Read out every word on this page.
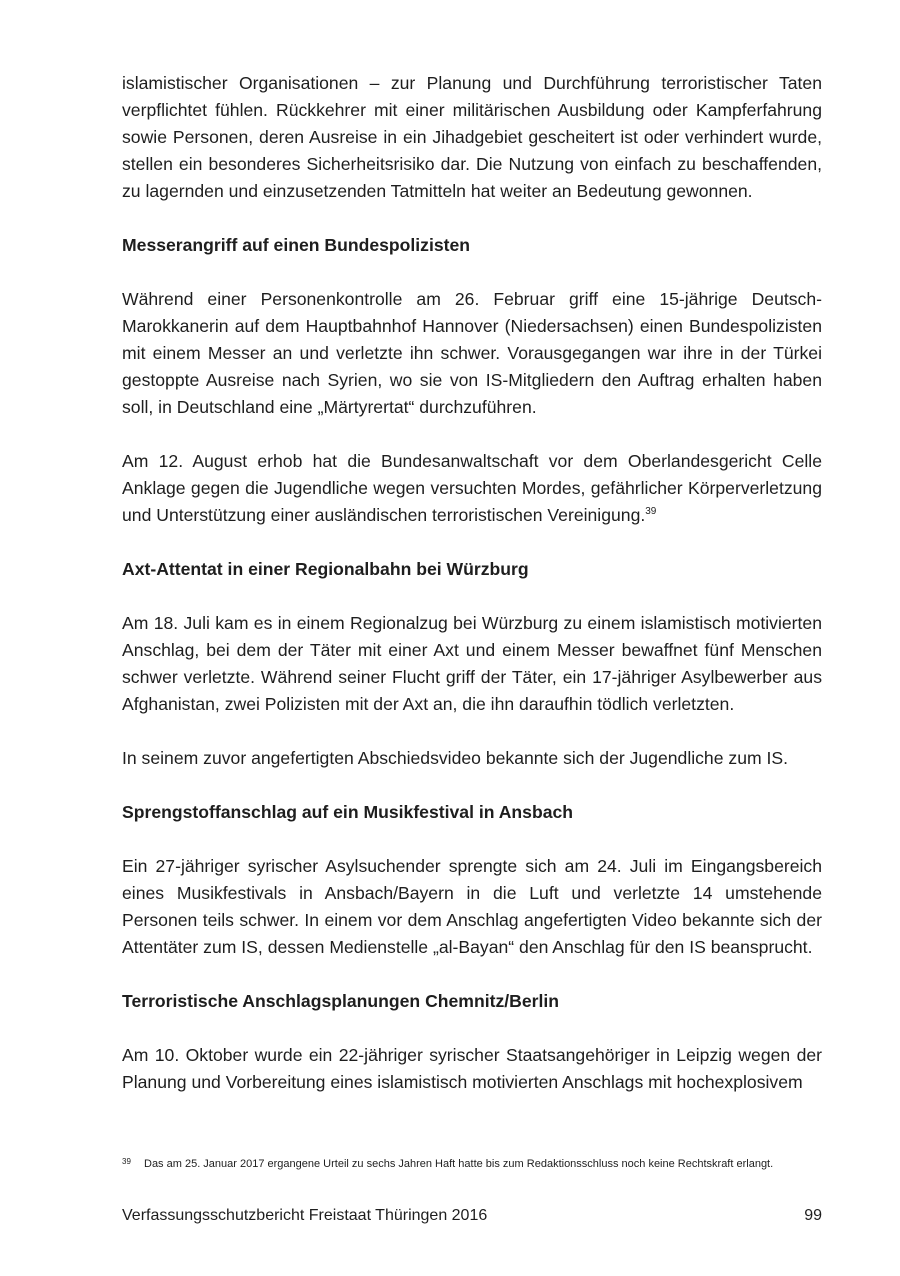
islamistischer Organisationen – zur Planung und Durchführung terroristischer Taten verpflichtet fühlen. Rückkehrer mit einer militärischen Ausbildung oder Kampferfahrung sowie Personen, deren Ausreise in ein Jihadgebiet gescheitert ist oder verhindert wurde, stellen ein besonderes Sicherheitsrisiko dar. Die Nutzung von einfach zu beschaffenden, zu lagernden und einzusetzenden Tatmitteln hat weiter an Bedeutung gewonnen.

Messerangriff auf einen Bundespolizisten

Während einer Personenkontrolle am 26. Februar griff eine 15-jährige Deutsch-Marokkanerin auf dem Hauptbahnhof Hannover (Niedersachsen) einen Bundespolizisten mit einem Messer an und verletzte ihn schwer. Vorausgegangen war ihre in der Türkei gestoppte Ausreise nach Syrien, wo sie von IS-Mitgliedern den Auftrag erhalten haben soll, in Deutschland eine „Märtyrertat“ durchzuführen.

Am 12. August erhob hat die Bundesanwaltschaft vor dem Oberlandesgericht Celle Anklage gegen die Jugendliche wegen versuchten Mordes, gefährlicher Körperverletzung und Unterstützung einer ausländischen terroristischen Vereinigung.$^{39}$

Axt-Attentat in einer Regionalbahn bei Würzburg

Am 18. Juli kam es in einem Regionalzug bei Würzburg zu einem islamistisch motivierten Anschlag, bei dem der Täter mit einer Axt und einem Messer bewaffnet fünf Menschen schwer verletzte. Während seiner Flucht griff der Täter, ein 17-jähriger Asylbewerber aus Afghanistan, zwei Polizisten mit der Axt an, die ihn daraufhin tödlich verletzten.

In seinem zuvor angefertigten Abschiedsvideo bekannte sich der Jugendliche zum IS.

Sprengstoffanschlag auf ein Musikfestival in Ansbach

Ein 27-jähriger syrischer Asylsuchender sprengte sich am 24. Juli im Eingangsbereich eines Musikfestivals in Ansbach/Bayern in die Luft und verletzte 14 umstehende Personen teils schwer. In einem vor dem Anschlag angefertigten Video bekannte sich der Attentäter zum IS, dessen Medienstelle „al-Bayan“ den Anschlag für den IS beansprucht.

Terroristische Anschlagsplanungen Chemnitz/Berlin

Am 10. Oktober wurde ein 22-jähriger syrischer Staatsangehöriger in Leipzig wegen der Planung und Vorbereitung eines islamistisch motivierten Anschlags mit hochexplosivem

39 Das am 25. Januar 2017 ergangene Urteil zu sechs Jahren Haft hatte bis zum Redaktionsschluss noch keine Rechtskraft erlangt.
Verfassungsschutzbericht Freistaat Thüringen 2016	99
